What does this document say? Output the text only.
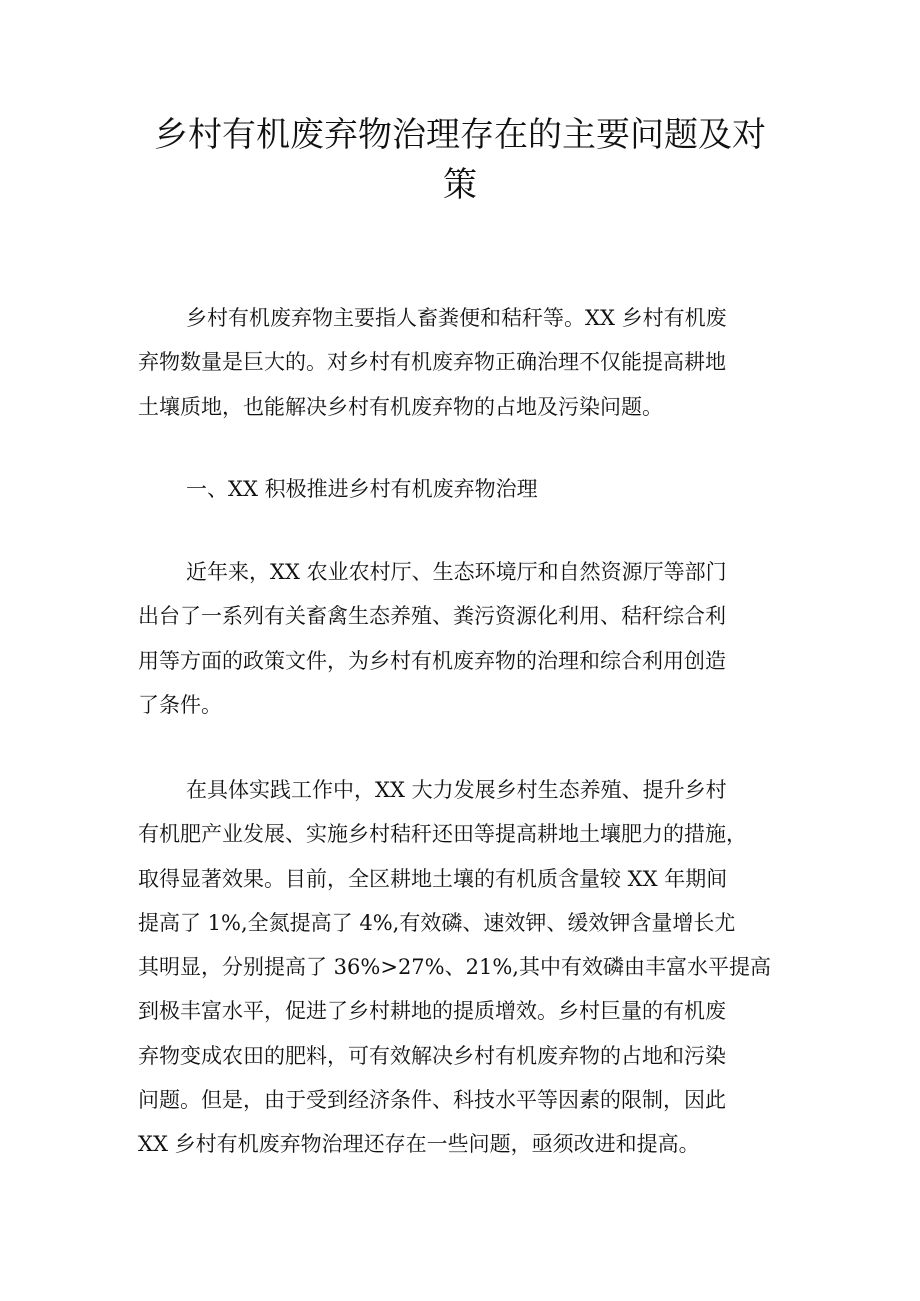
乡村有机废弃物治理存在的主要问题及对
策
乡村有机废弃物主要指人畜粪便和秸秆等。XX 乡村有机废
弃物数量是巨大的。对乡村有机废弃物正确治理不仅能提高耕地
土壤质地，也能解决乡村有机废弃物的占地及污染问题。
一、XX 积极推进乡村有机废弃物治理
近年来，XX 农业农村厅、生态环境厅和自然资源厅等部门
出台了一系列有关畜禽生态养殖、粪污资源化利用、秸秆综合利
用等方面的政策文件，为乡村有机废弃物的治理和综合利用创造
了条件。
在具体实践工作中，XX 大力发展乡村生态养殖、提升乡村
有机肥产业发展、实施乡村秸秆还田等提高耕地土壤肥力的措施，
取得显著效果。目前，全区耕地土壤的有机质含量较 XX 年期间
提高了 1%,全氮提高了 4%,有效磷、速效钾、缓效钾含量增长尤
其明显，分别提高了 36%>27%、21%,其中有效磷由丰富水平提高
到极丰富水平，促进了乡村耕地的提质增效。乡村巨量的有机废
弃物变成农田的肥料，可有效解决乡村有机废弃物的占地和污染
问题。但是，由于受到经济条件、科技水平等因素的限制，因此
XX 乡村有机废弃物治理还存在一些问题，亟须改进和提高。
